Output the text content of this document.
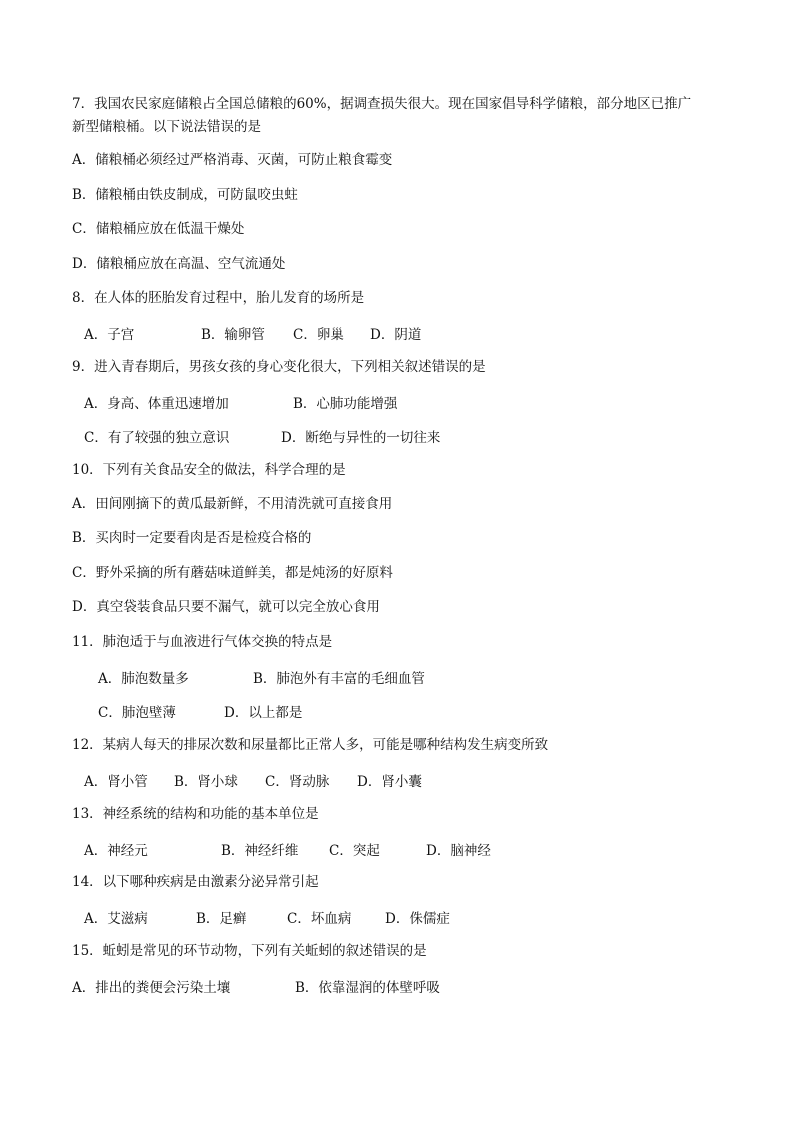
7．我国农民家庭储粮占全国总储粮的60%，据调查损失很大。现在国家倡导科学储粮，部分地区已推广
新型储粮桶。以下说法错误的是
A．储粮桶必须经过严格消毒、灭菌，可防止粮食霉变
B．储粮桶由铁皮制成，可防鼠咬虫蛀
C．储粮桶应放在低温干燥处
D．储粮桶应放在高温、空气流通处
8．在人体的胚胎发育过程中，胎儿发育的场所是
A．子宫	B．输卵管 C．卵巢 D．阴道
9．进入青春期后，男孩女孩的身心变化很大，下列相关叙述错误的是
A．身高、体重迅速增加	B．心肺功能增强
C．有了较强的独立意识	D．断绝与异性的一切往来
10．下列有关食品安全的做法，科学合理的是
A．田间刚摘下的黄瓜最新鲜，不用清洗就可直接食用
B．买肉时一定要看肉是否是检疫合格的
C．野外采摘的所有蘑菇味道鲜美，都是炖汤的好原料
D．真空袋装食品只要不漏气，就可以完全放心食用
11．肺泡适于与血液进行气体交换的特点是
A．肺泡数量多	B．肺泡外有丰富的毛细血管
C．肺泡壁薄	D．以上都是
12．某病人每天的排尿次数和尿量都比正常人多，可能是哪种结构发生病变所致
A．肾小管 B．肾小球 C．肾动脉 D．肾小囊
13．神经系统的结构和功能的基本单位是
A．神经元	B．神经纤维 C．突起	D．脑神经
14．以下哪种疾病是由激素分泌异常引起
A．艾滋病	B．足癣	C．坏血病 D．侏儒症
15．蚯蚓是常见的环节动物，下列有关蚯蚓的叙述错误的是
A．排出的粪便会污染土壤	B．依靠湿润的体壁呼吸
